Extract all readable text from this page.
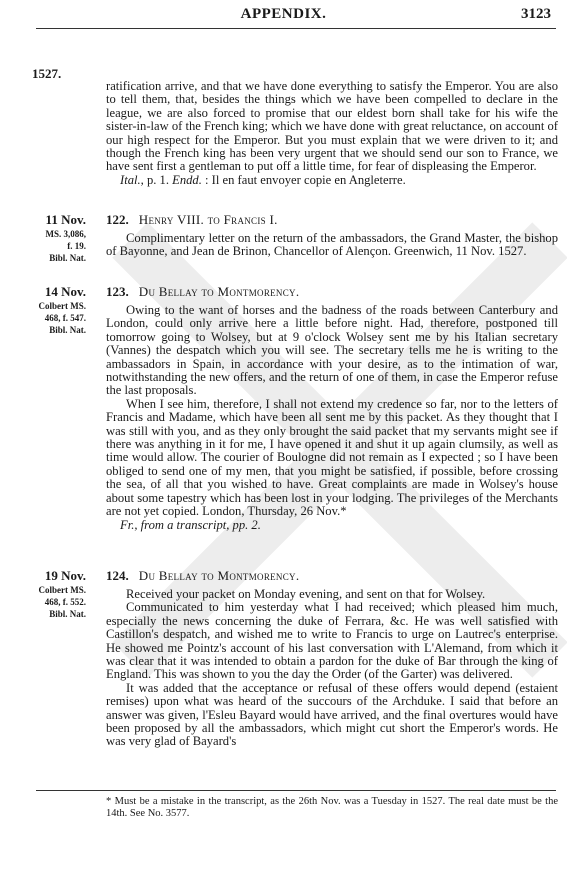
APPENDIX.	3123
1527.

ratification arrive, and that we have done everything to satisfy the Emperor. You are also to tell them, that, besides the things which we have been compelled to declare in the league, we are also forced to promise that our eldest born shall take for his wife the sister-in-law of the French king; which we have done with great reluctance, on account of our high respect for the Emperor. But you must explain that we were driven to it; and though the French king has been very urgent that we should send our son to France, we have sent first a gentleman to put off a little time, for fear of displeasing the Emperor.

Ital., p. 1. Endd. : Il en faut envoyer copie en Angleterre.

11 Nov.
MS. 3,086,
f. 19.
Bibl. Nat.
122. Henry VIII. to Francis I.

Complimentary letter on the return of the ambassadors, the Grand Master, the bishop of Bayonne, and Jean de Brinon, Chancellor of Alençon. Greenwich, 11 Nov. 1527.

14 Nov.
Colbert MS.
468, f. 547.
Bibl. Nat.
123. Du Bellay to Montmorency.

Owing to the want of horses and the badness of the roads between Canterbury and London, could only arrive here a little before night. Had, therefore, postponed till tomorrow going to Wolsey, but at 9 o'clock Wolsey sent me by his Italian secretary (Vannes) the despatch which you will see. The secretary tells me he is writing to the ambassadors in Spain, in accordance with your desire, as to the intimation of war, notwithstanding the new offers, and the return of one of them, in case the Emperor refuse the last proposals.

When I see him, therefore, I shall not extend my credence so far, nor to the letters of Francis and Madame, which have been all sent me by this packet. As they thought that I was still with you, and as they only brought the said packet that my servants might see if there was anything in it for me, I have opened it and shut it up again clumsily, as well as time would allow. The courier of Boulogne did not remain as I expected ; so I have been obliged to send one of my men, that you might be satisfied, if possible, before crossing the sea, of all that you wished to have. Great complaints are made in Wolsey's house about some tapestry which has been lost in your lodging. The privileges of the Merchants are not yet copied. London, Thursday, 26 Nov.*

Fr., from a transcript, pp. 2.

19 Nov.
Colbert MS.
468, f. 552.
Bibl. Nat.
124. Du Bellay to Montmorency.

Received your packet on Monday evening, and sent on that for Wolsey.

Communicated to him yesterday what I had received; which pleased him much, especially the news concerning the duke of Ferrara, &c. He was well satisfied with Castillon's despatch, and wished me to write to Francis to urge on Lautrec's enterprise. He showed me Pointz's account of his last conversation with L'Alemand, from which it was clear that it was intended to obtain a pardon for the duke of Bar through the king of England. This was shown to you the day the Order (of the Garter) was delivered.

It was added that the acceptance or refusal of these offers would depend (estaient remises) upon what was heard of the succours of the Archduke. I said that before an answer was given, l'Esleu Bayard would have arrived, and the final overtures would have been proposed by all the ambassadors, which might cut short the Emperor's words. He was very glad of Bayard's

* Must be a mistake in the transcript, as the 26th Nov. was a Tuesday in 1527. The real date must be the 14th. See No. 3577.
